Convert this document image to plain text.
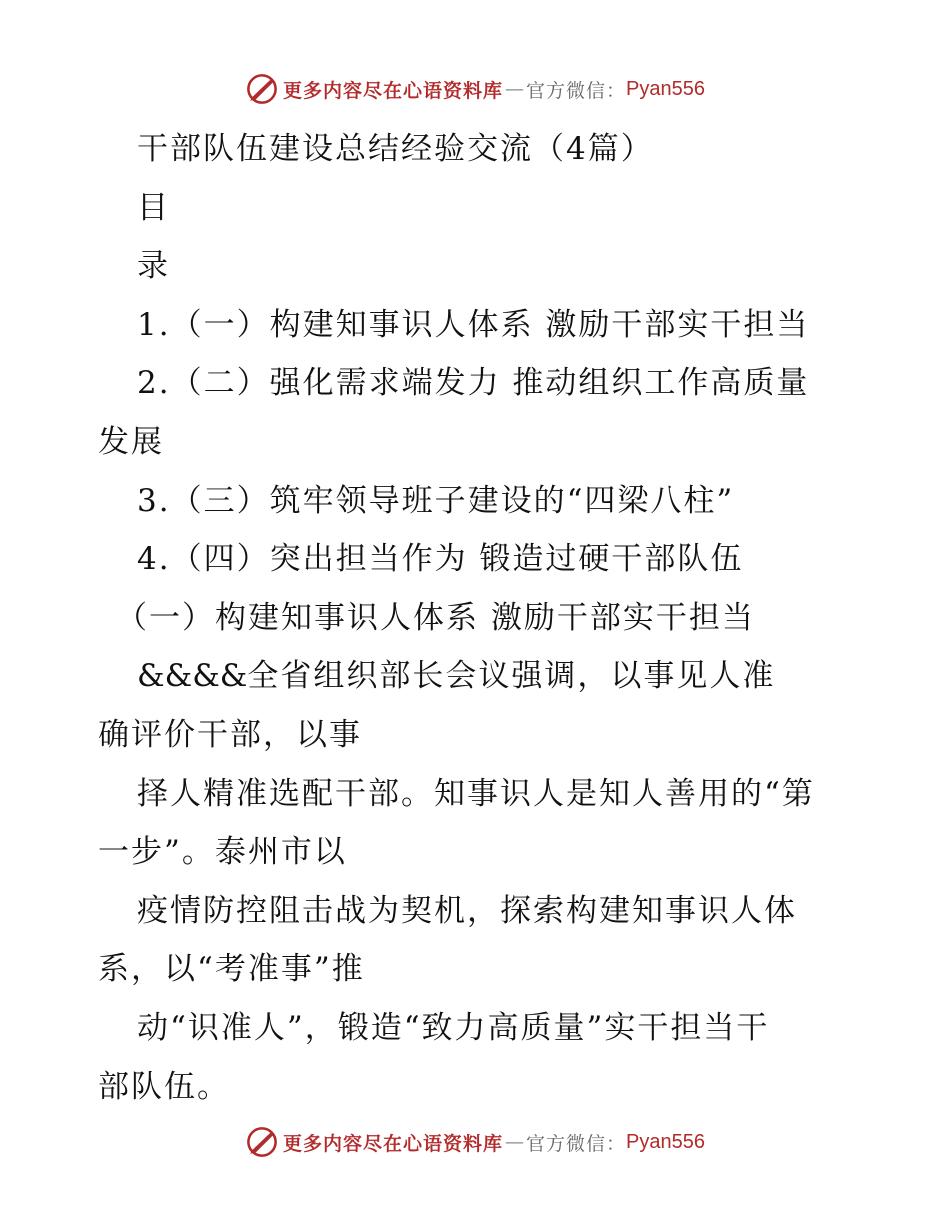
更多内容尽在心语资料库 — 官方微信： Pyan556
干部队伍建设总结经验交流（4篇）
目
录
1.（一）构建知事识人体系 激励干部实干担当
2.（二）强化需求端发力 推动组织工作高质量
发展
3.（三）筑牢领导班子建设的“四梁八柱”
4.（四）突出担当作为 锻造过硬干部队伍
（一）构建知事识人体系 激励干部实干担当
&&&&全省组织部长会议强调，以事见人准
确评价干部，以事
择人精准选配干部。知事识人是知人善用的“第
一步”。泰州市以
疫情防控阻击战为契机，探索构建知事识人体
系，以“考准事”推
动“识准人”，锻造“致力高质量”实干担当干
部队伍。
更多内容尽在心语资料库 — 官方微信： Pyan556
